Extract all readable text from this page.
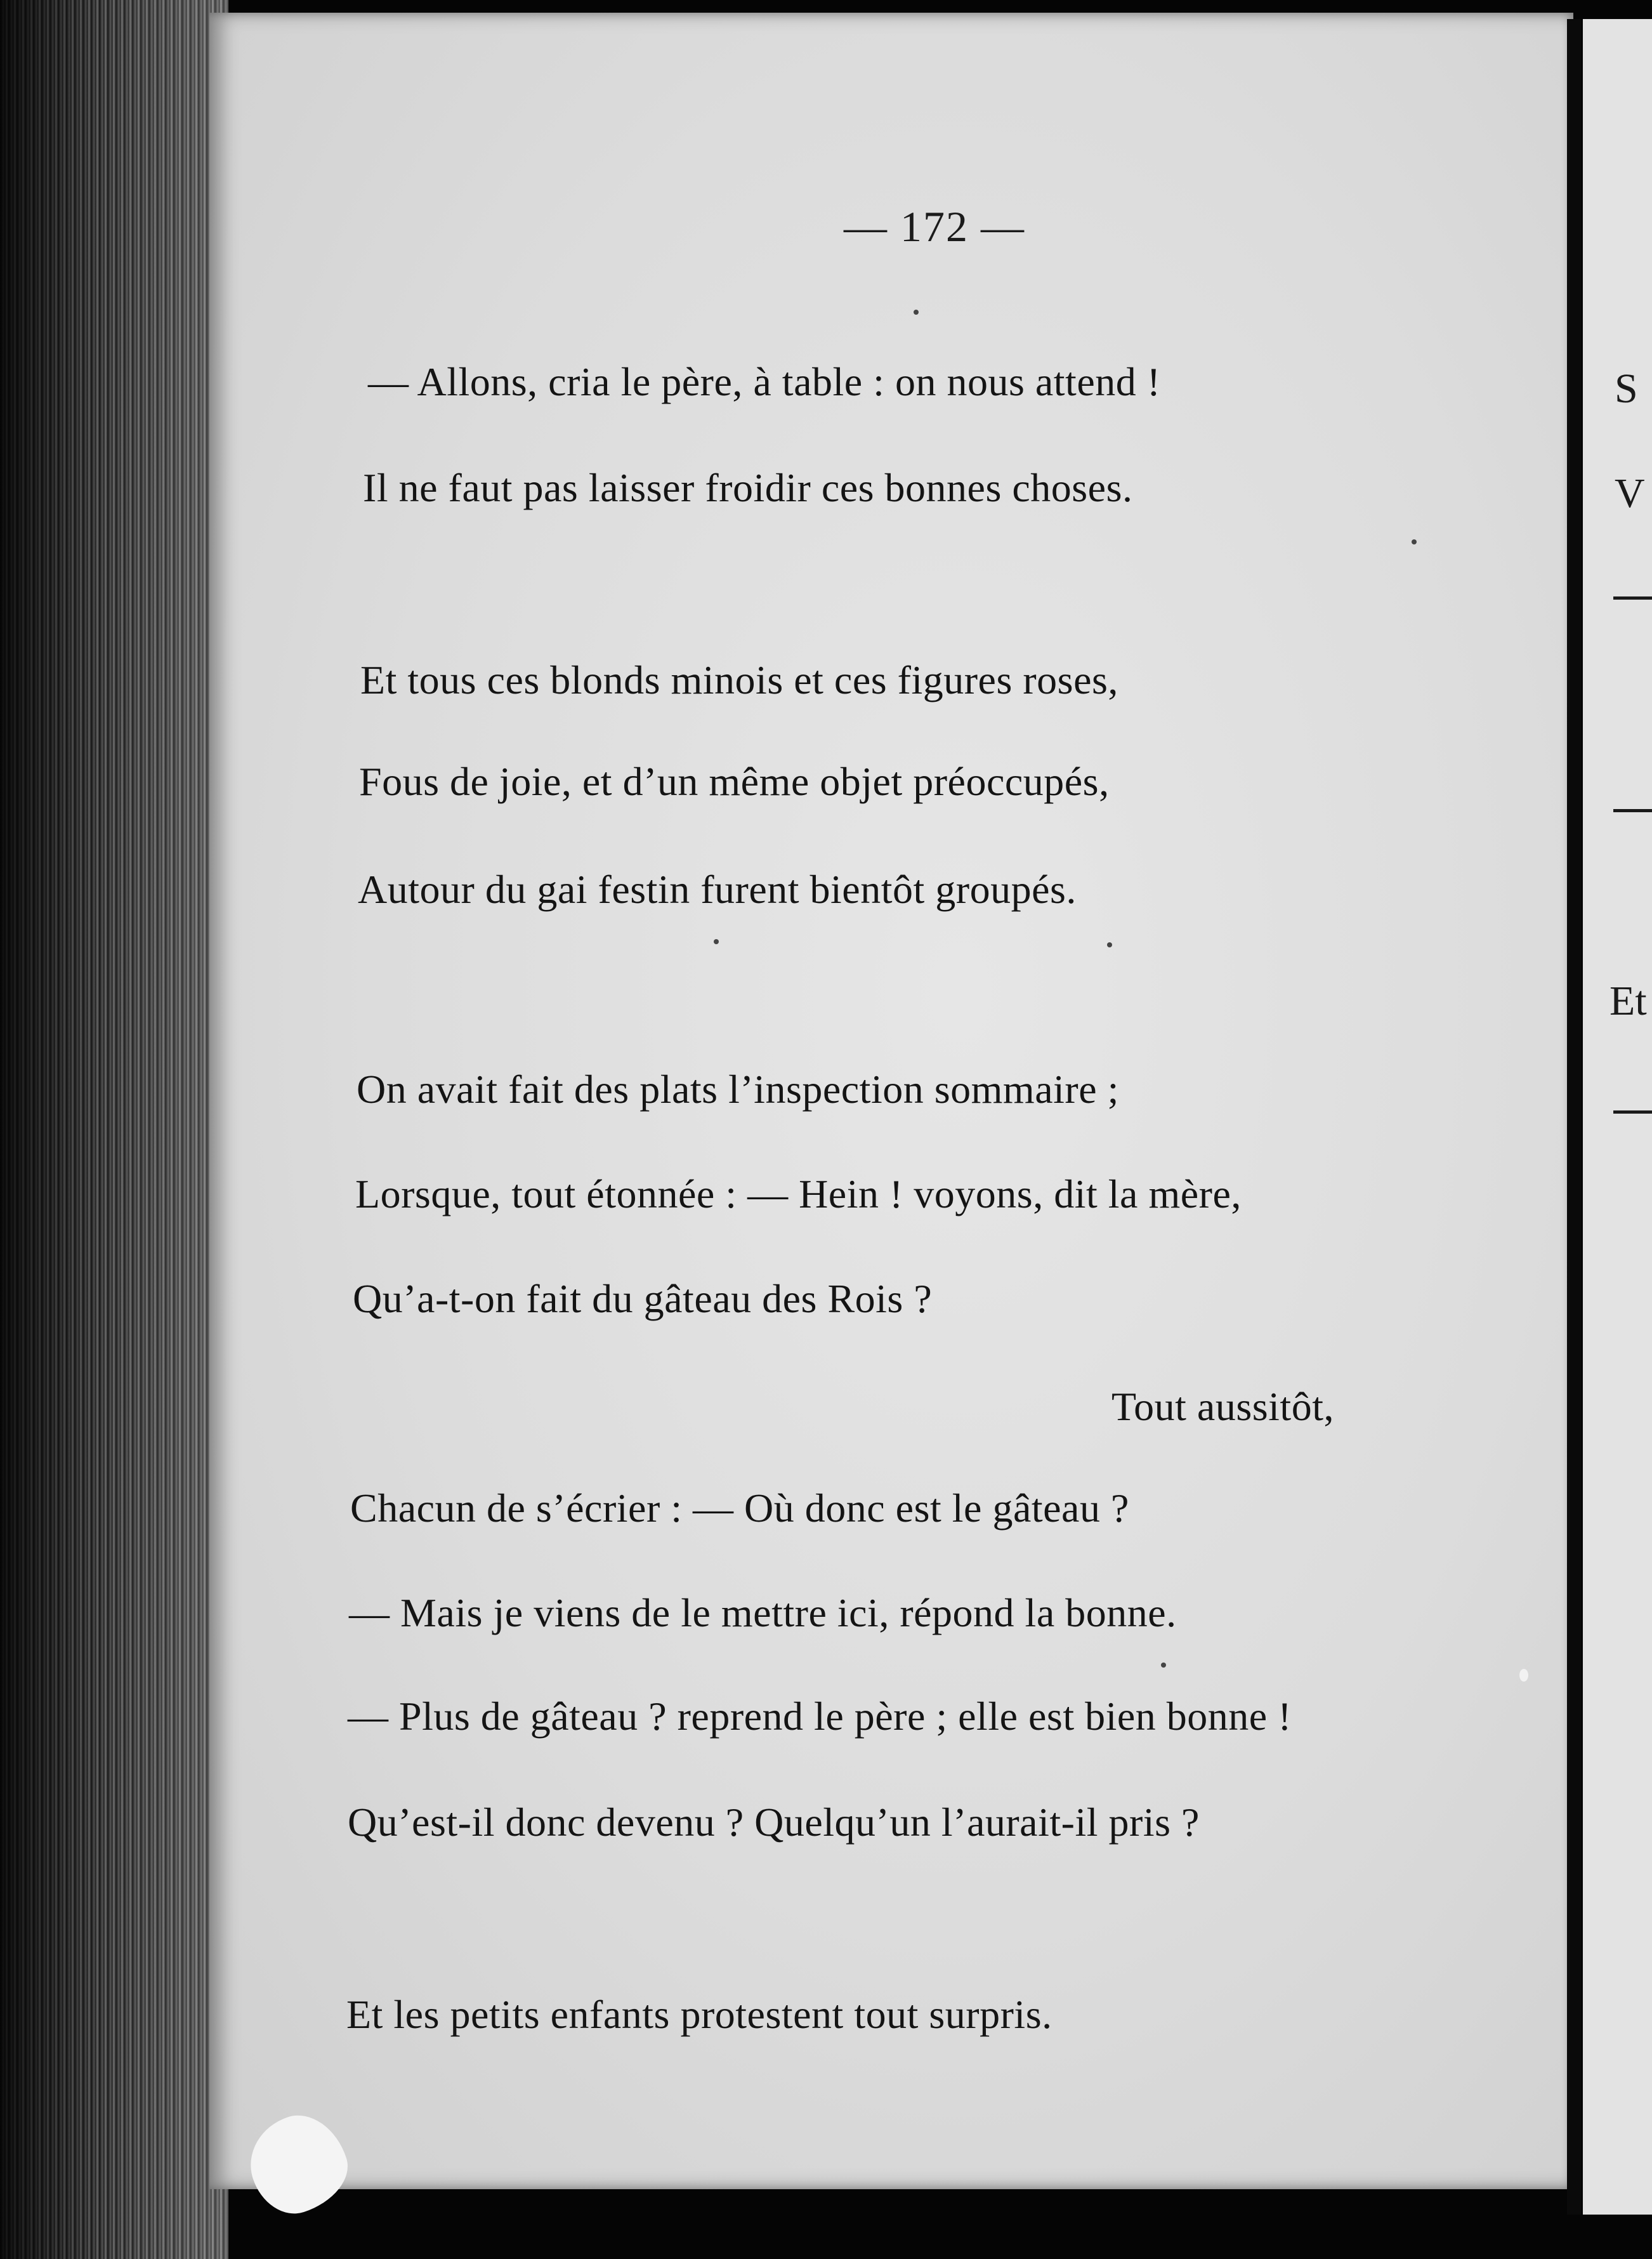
— 172 —
— Allons, cria le père, à table : on nous attend !
Il ne faut pas laisser froidir ces bonnes choses.
Et tous ces blonds minois et ces figures roses,
Fous de joie, et d’un même objet préoccupés,
Autour du gai festin furent bientôt groupés.
On avait fait des plats l’inspection sommaire ;
Lorsque, tout étonnée : — Hein ! voyons, dit la mère,
Qu’a-t-on fait du gâteau des Rois ?
Tout aussitôt,
Chacun de s’écrier : — Où donc est le gâteau ?
— Mais je viens de le mettre ici, répond la bonne.
— Plus de gâteau ? reprend le père ; elle est bien bonne !
Qu’est-il donc devenu ? Quelqu’un l’aurait-il pris ?
Et les petits enfants protestent tout surpris.
S
V
Et
